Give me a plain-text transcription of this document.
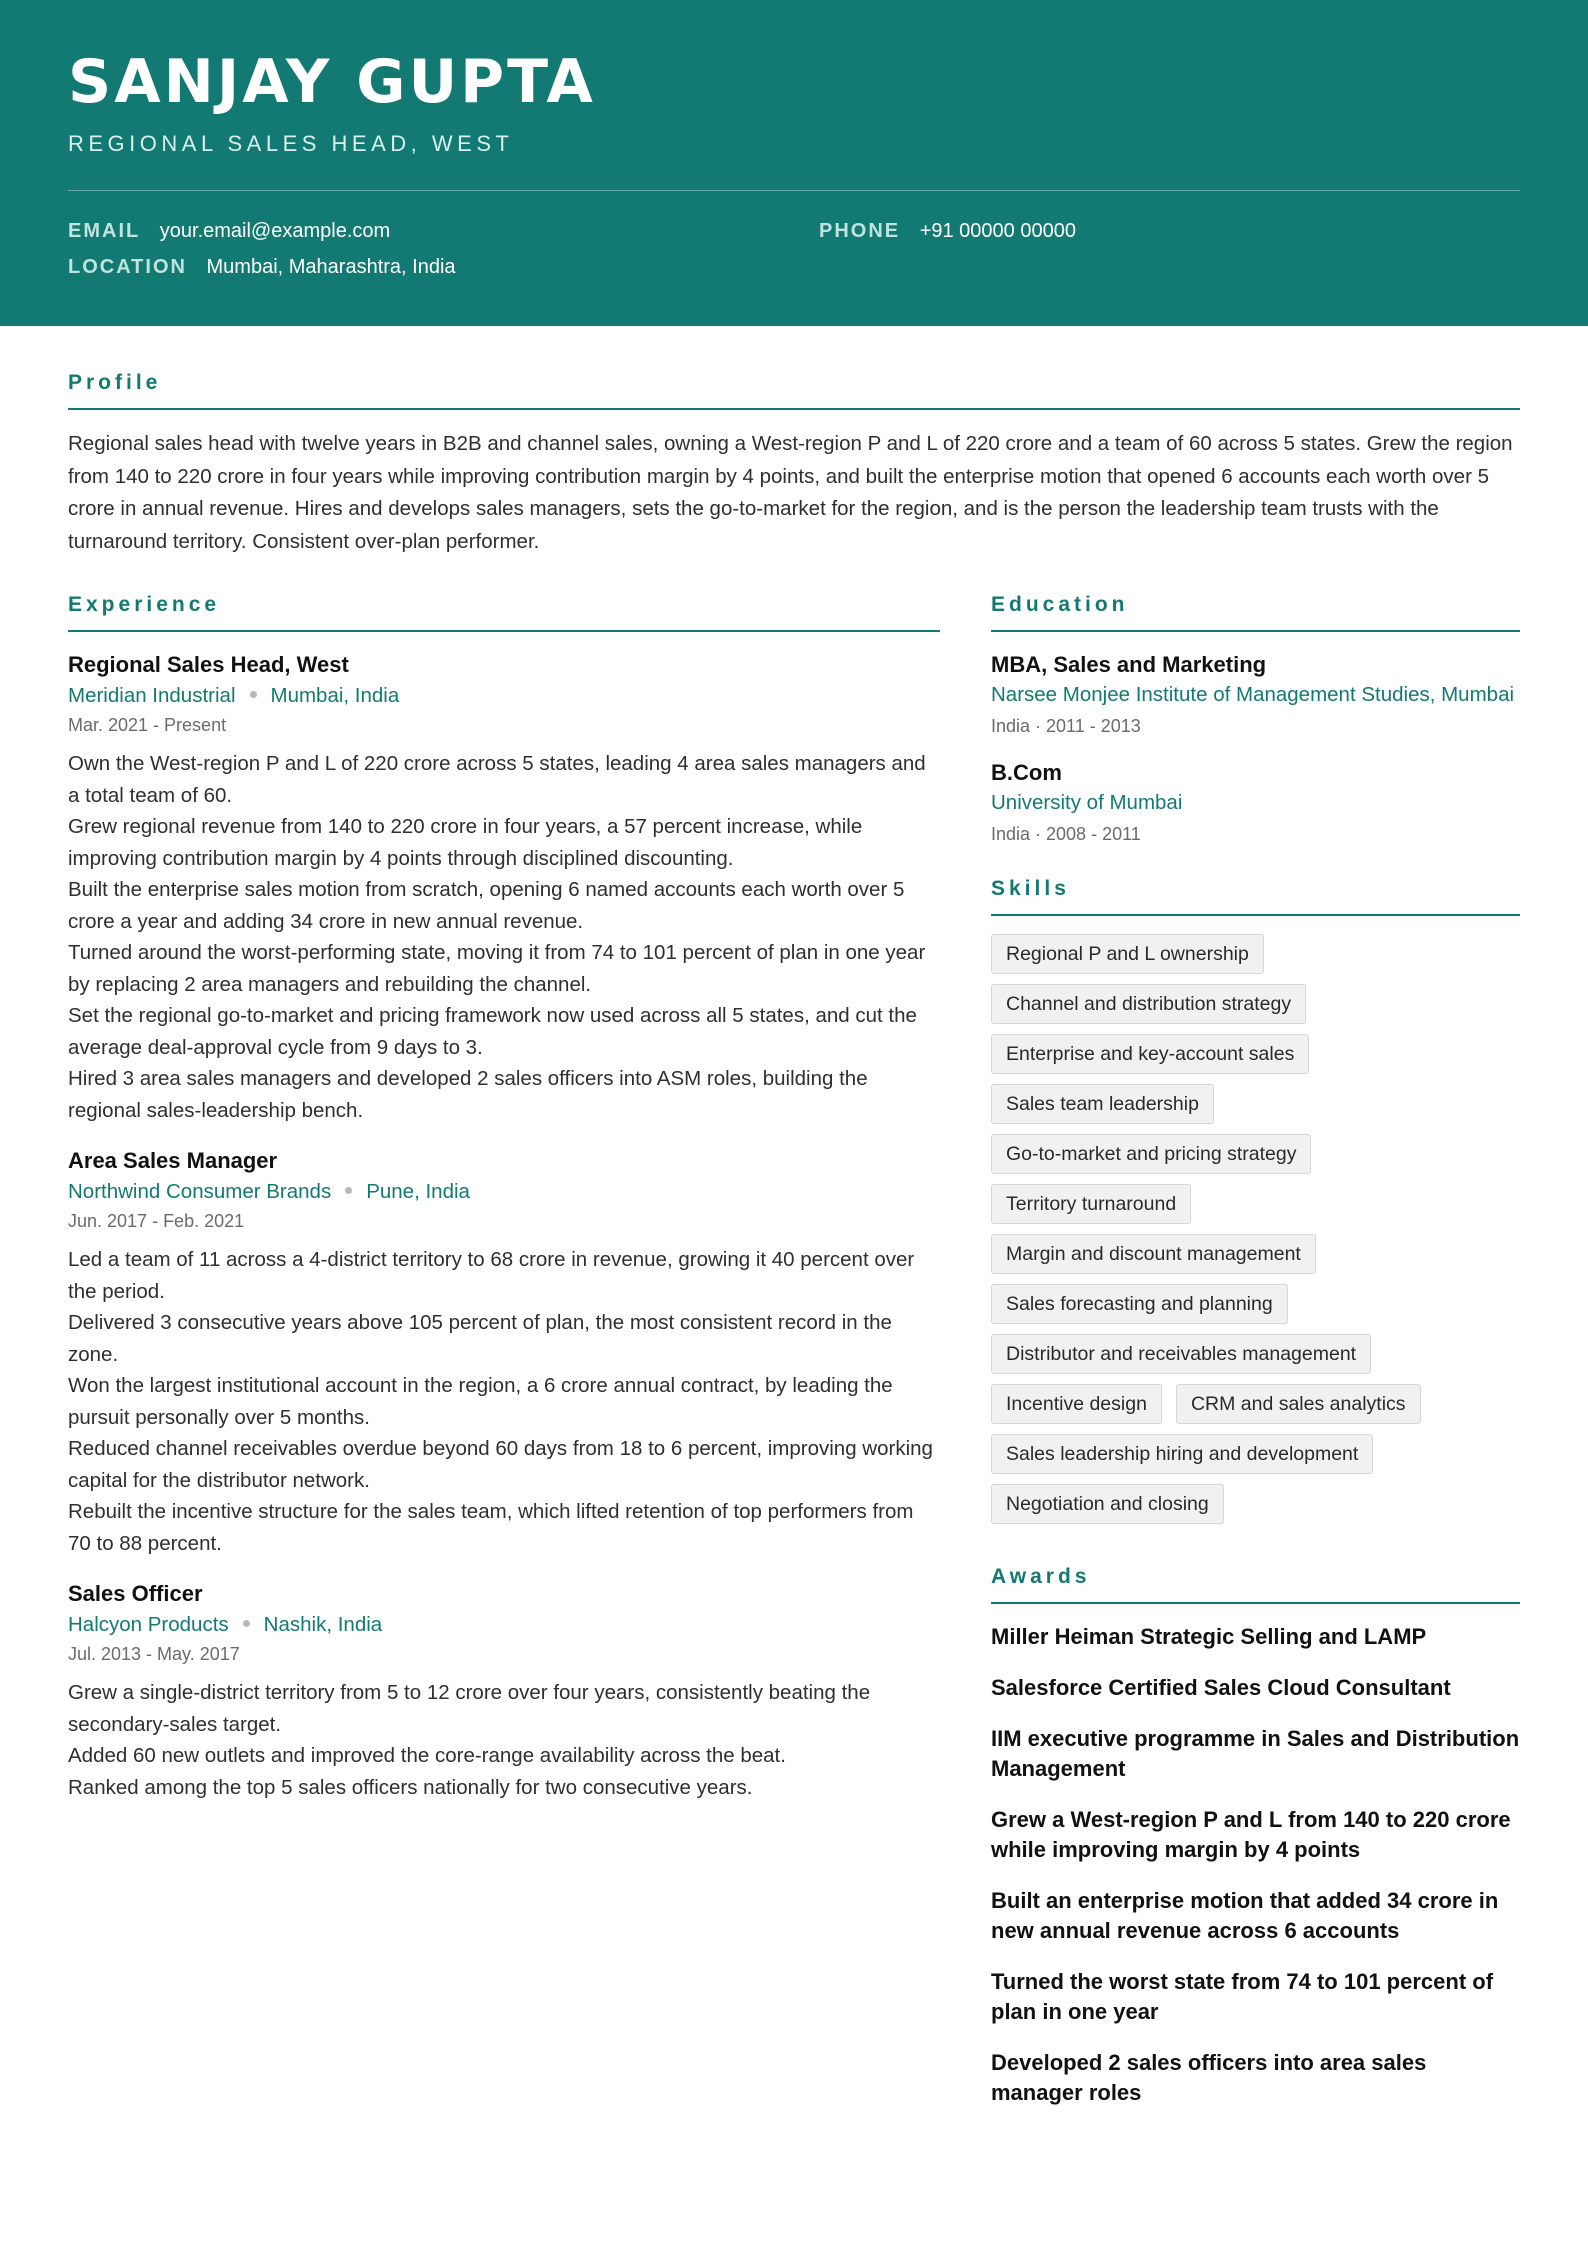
SANJAY GUPTA
REGIONAL SALES HEAD, WEST
EMAIL your.email@example.com	PHONE +91 00000 00000
LOCATION Mumbai, Maharashtra, India
Profile

Regional sales head with twelve years in B2B and channel sales, owning a West-region P and L of 220 crore and a team of 60 across 5 states. Grew the region from 140 to 220 crore in four years while improving contribution margin by 4 points, and built the enterprise motion that opened 6 accounts each worth over 5 crore in annual revenue. Hires and develops sales managers, sets the go-to-market for the region, and is the person the leadership team trusts with the turnaround territory. Consistent over-plan performer.

Experience
Regional Sales Head, West
Meridian Industrial Mumbai, India
Mar. 2021 - Present
Own the West-region P and L of 220 crore across 5 states, leading 4 area sales managers and a total team of 60.
Grew regional revenue from 140 to 220 crore in four years, a 57 percent increase, while improving contribution margin by 4 points through disciplined discounting.
Built the enterprise sales motion from scratch, opening 6 named accounts each worth over 5 crore a year and adding 34 crore in new annual revenue.
Turned around the worst-performing state, moving it from 74 to 101 percent of plan in one year by replacing 2 area managers and rebuilding the channel.
Set the regional go-to-market and pricing framework now used across all 5 states, and cut the average deal-approval cycle from 9 days to 3.
Hired 3 area sales managers and developed 2 sales officers into ASM roles, building the regional sales-leadership bench.
Area Sales Manager
Northwind Consumer Brands Pune, India
Jun. 2017 - Feb. 2021
Led a team of 11 across a 4-district territory to 68 crore in revenue, growing it 40 percent over the period.
Delivered 3 consecutive years above 105 percent of plan, the most consistent record in the zone.
Won the largest institutional account in the region, a 6 crore annual contract, by leading the pursuit personally over 5 months.
Reduced channel receivables overdue beyond 60 days from 18 to 6 percent, improving working capital for the distributor network.
Rebuilt the incentive structure for the sales team, which lifted retention of top performers from 70 to 88 percent.
Sales Officer
Halcyon Products Nashik, India
Jul. 2013 - May. 2017
Grew a single-district territory from 5 to 12 crore over four years, consistently beating the secondary-sales target.
Added 60 new outlets and improved the core-range availability across the beat.
Ranked among the top 5 sales officers nationally for two consecutive years.
Education
MBA, Sales and Marketing
Narsee Monjee Institute of Management Studies, Mumbai
India · 2011 - 2013
B.Com
University of Mumbai
India · 2008 - 2011
Skills
Regional P and L ownership
Channel and distribution strategy
Enterprise and key-account sales
Sales team leadership
Go-to-market and pricing strategy
Territory turnaround
Margin and discount management
Sales forecasting and planning
Distributor and receivables management
Incentive design	CRM and sales analytics
Sales leadership hiring and development
Negotiation and closing
Awards
Miller Heiman Strategic Selling and LAMP
Salesforce Certified Sales Cloud Consultant
IIM executive programme in Sales and Distribution Management
Grew a West-region P and L from 140 to 220 crore while improving margin by 4 points
Built an enterprise motion that added 34 crore in new annual revenue across 6 accounts
Turned the worst state from 74 to 101 percent of plan in one year
Developed 2 sales officers into area sales manager roles
